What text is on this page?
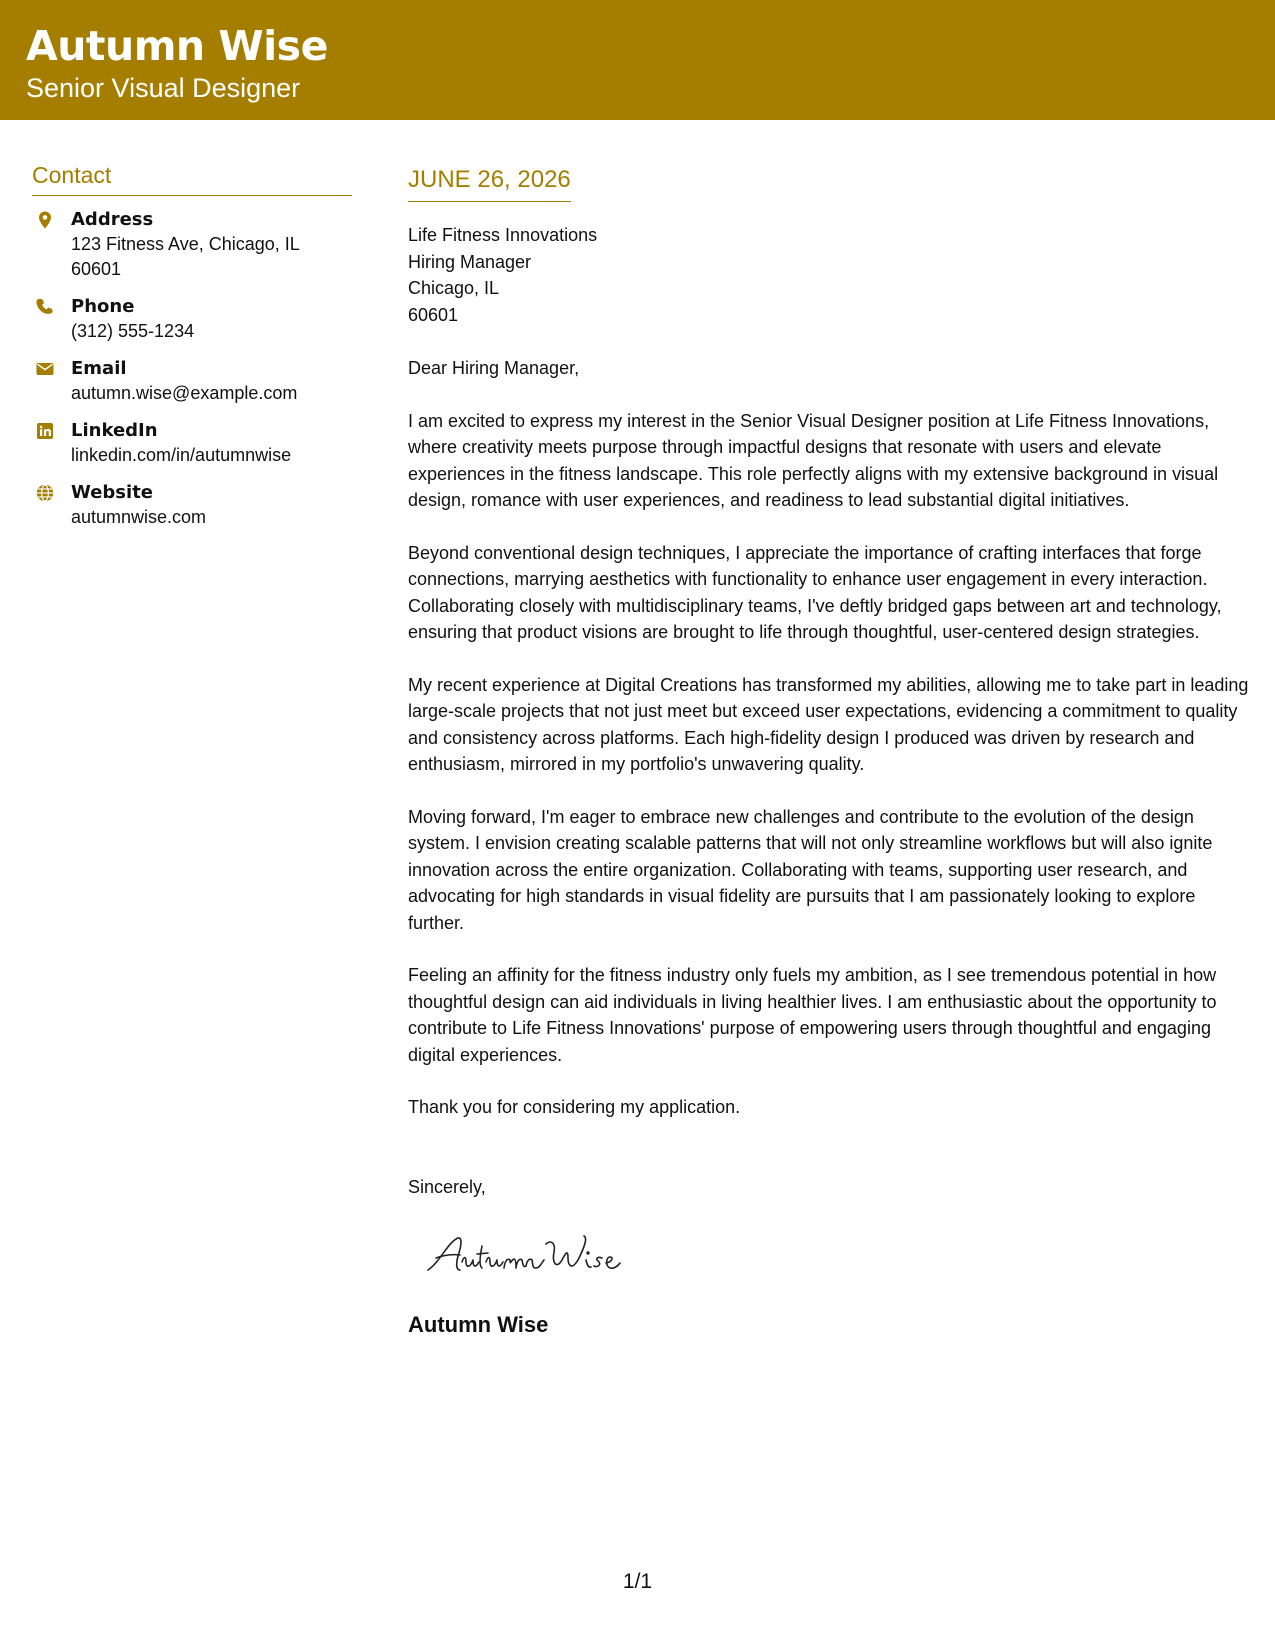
Autumn Wise
Senior Visual Designer
Contact
Address
123 Fitness Ave, Chicago, IL 60601
Phone
(312) 555-1234
Email
autumn.wise@example.com
LinkedIn
linkedin.com/in/autumnwise
Website
autumnwise.com
JUNE 26, 2026
Life Fitness Innovations
Hiring Manager
Chicago, IL
60601
Dear Hiring Manager,
I am excited to express my interest in the Senior Visual Designer position at Life Fitness Innovations, where creativity meets purpose through impactful designs that resonate with users and elevate experiences in the fitness landscape. This role perfectly aligns with my extensive background in visual design, romance with user experiences, and readiness to lead substantial digital initiatives.
Beyond conventional design techniques, I appreciate the importance of crafting interfaces that forge connections, marrying aesthetics with functionality to enhance user engagement in every interaction. Collaborating closely with multidisciplinary teams, I've deftly bridged gaps between art and technology, ensuring that product visions are brought to life through thoughtful, user-centered design strategies.
My recent experience at Digital Creations has transformed my abilities, allowing me to take part in leading large-scale projects that not just meet but exceed user expectations, evidencing a commitment to quality and consistency across platforms. Each high-fidelity design I produced was driven by research and enthusiasm, mirrored in my portfolio's unwavering quality.
Moving forward, I'm eager to embrace new challenges and contribute to the evolution of the design system. I envision creating scalable patterns that will not only streamline workflows but will also ignite innovation across the entire organization. Collaborating with teams, supporting user research, and advocating for high standards in visual fidelity are pursuits that I am passionately looking to explore further.
Feeling an affinity for the fitness industry only fuels my ambition, as I see tremendous potential in how thoughtful design can aid individuals in living healthier lives. I am enthusiastic about the opportunity to contribute to Life Fitness Innovations' purpose of empowering users through thoughtful and engaging digital experiences.
Thank you for considering my application.
Sincerely,
Autumn Wise
1/1
